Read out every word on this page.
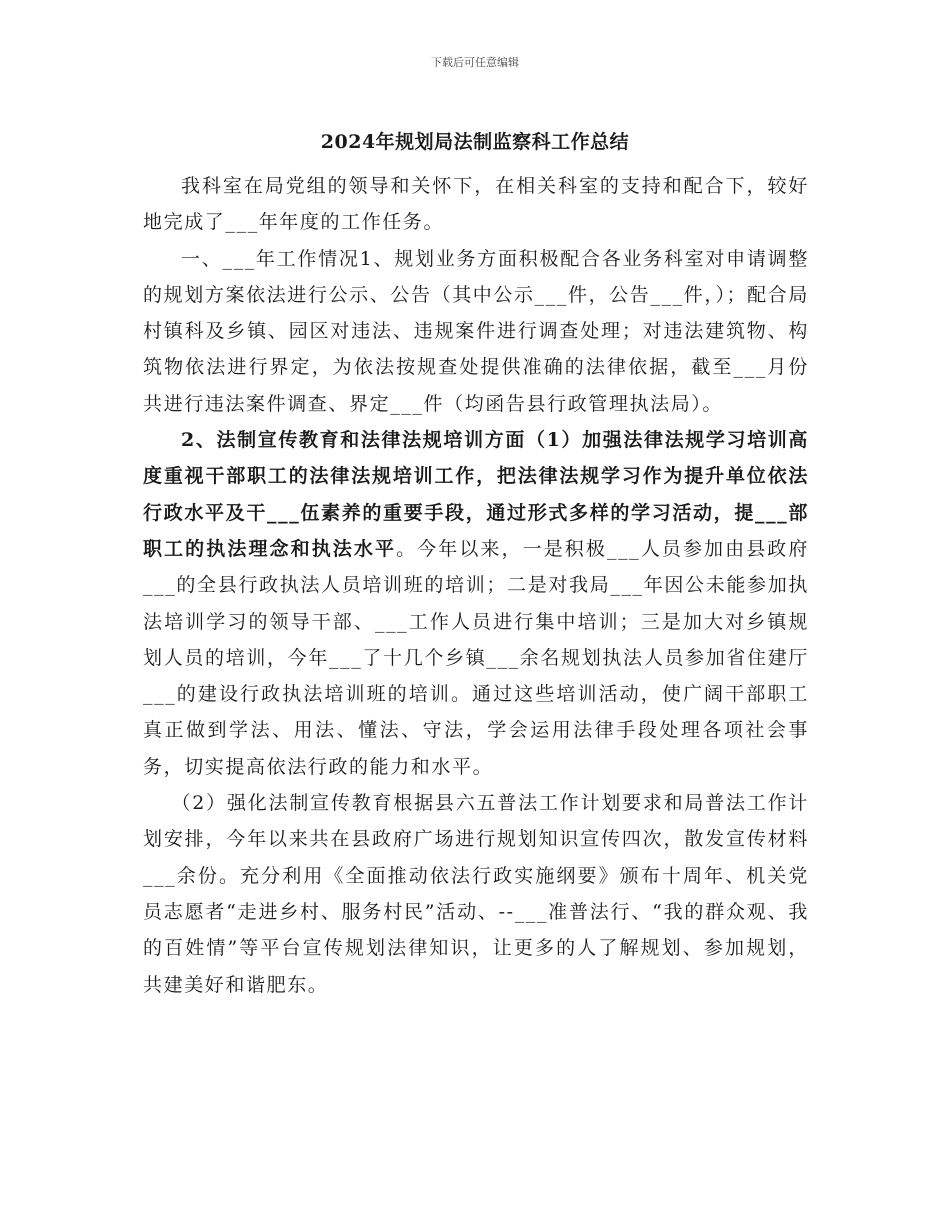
下载后可任意编辑
2024年规划局法制监察科工作总结

我科室在局党组的领导和关怀下，在相关科室的支持和配合下，较好地完成了___年年度的工作任务。

一、___年工作情况1、规划业务方面积极配合各业务科室对申请调整的规划方案依法进行公示、公告（其中公示___件，公告___件，）；配合局村镇科及乡镇、园区对违法、违规案件进行调查处理；对违法建筑物、构筑物依法进行界定，为依法按规查处提供准确的法律依据，截至___月份共进行违法案件调查、界定___件（均函告县行政管理执法局）。

2、法制宣传教育和法律法规培训方面（1）加强法律法规学习培训高度重视干部职工的法律法规培训工作，把法律法规学习作为提升单位依法行政水平及干___伍素养的重要手段，通过形式多样的学习活动，提___部职工的执法理念和执法水平。今年以来，一是积极___人员参加由县政府___的全县行政执法人员培训班的培训；二是对我局___年因公未能参加执法培训学习的领导干部、___工作人员进行集中培训；三是加大对乡镇规划人员的培训，今年___了十几个乡镇___余名规划执法人员参加省住建厅___的建设行政执法培训班的培训。通过这些培训活动，使广阔干部职工真正做到学法、用法、懂法、守法，学会运用法律手段处理各项社会事务，切实提高依法行政的能力和水平。

（2）强化法制宣传教育根据县六五普法工作计划要求和局普法工作计划安排，今年以来共在县政府广场进行规划知识宣传四次，散发宣传材料___余份。充分利用《全面推动依法行政实施纲要》颁布十周年、机关党员志愿者“走进乡村、服务村民”活动、--___准普法行、“我的群众观、我的百姓情”等平台宣传规划法律知识，让更多的人了解规划、参加规划，共建美好和谐肥东。
